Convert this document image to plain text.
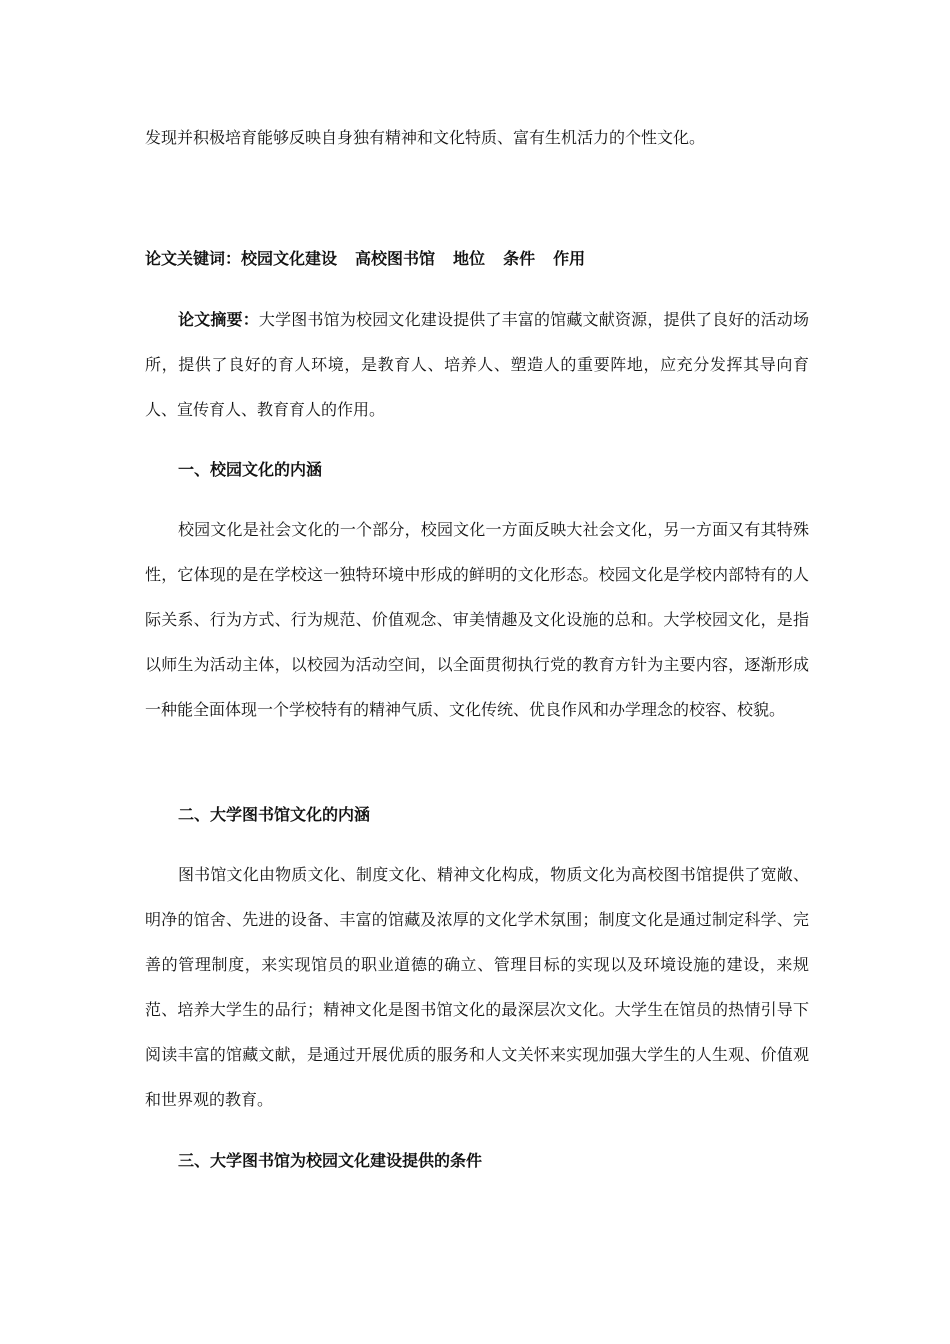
发现并积极培育能够反映自身独有精神和文化特质、富有生机活力的个性文化。
论文关键词：校园文化建设 高校图书馆 地位 条件 作用
论文摘要：大学图书馆为校园文化建设提供了丰富的馆藏文献资源，提供了良好的活动场所，提供了良好的育人环境，是教育人、培养人、塑造人的重要阵地，应充分发挥其导向育人、宣传育人、教育育人的作用。
一、校园文化的内涵
校园文化是社会文化的一个部分，校园文化一方面反映大社会文化，另一方面又有其特殊性，它体现的是在学校这一独特环境中形成的鲜明的文化形态。校园文化是学校内部特有的人际关系、行为方式、行为规范、价值观念、审美情趣及文化设施的总和。大学校园文化，是指以师生为活动主体，以校园为活动空间，以全面贯彻执行党的教育方针为主要内容，逐渐形成一种能全面体现一个学校特有的精神气质、文化传统、优良作风和办学理念的校容、校貌。
二、大学图书馆文化的内涵
图书馆文化由物质文化、制度文化、精神文化构成，物质文化为高校图书馆提供了宽敞、明净的馆舍、先进的设备、丰富的馆藏及浓厚的文化学术氛围；制度文化是通过制定科学、完善的管理制度，来实现馆员的职业道德的确立、管理目标的实现以及环境设施的建设，来规范、培养大学生的品行；精神文化是图书馆文化的最深层次文化。大学生在馆员的热情引导下阅读丰富的馆藏文献，是通过开展优质的服务和人文关怀来实现加强大学生的人生观、价值观和世界观的教育。
三、大学图书馆为校园文化建设提供的条件
